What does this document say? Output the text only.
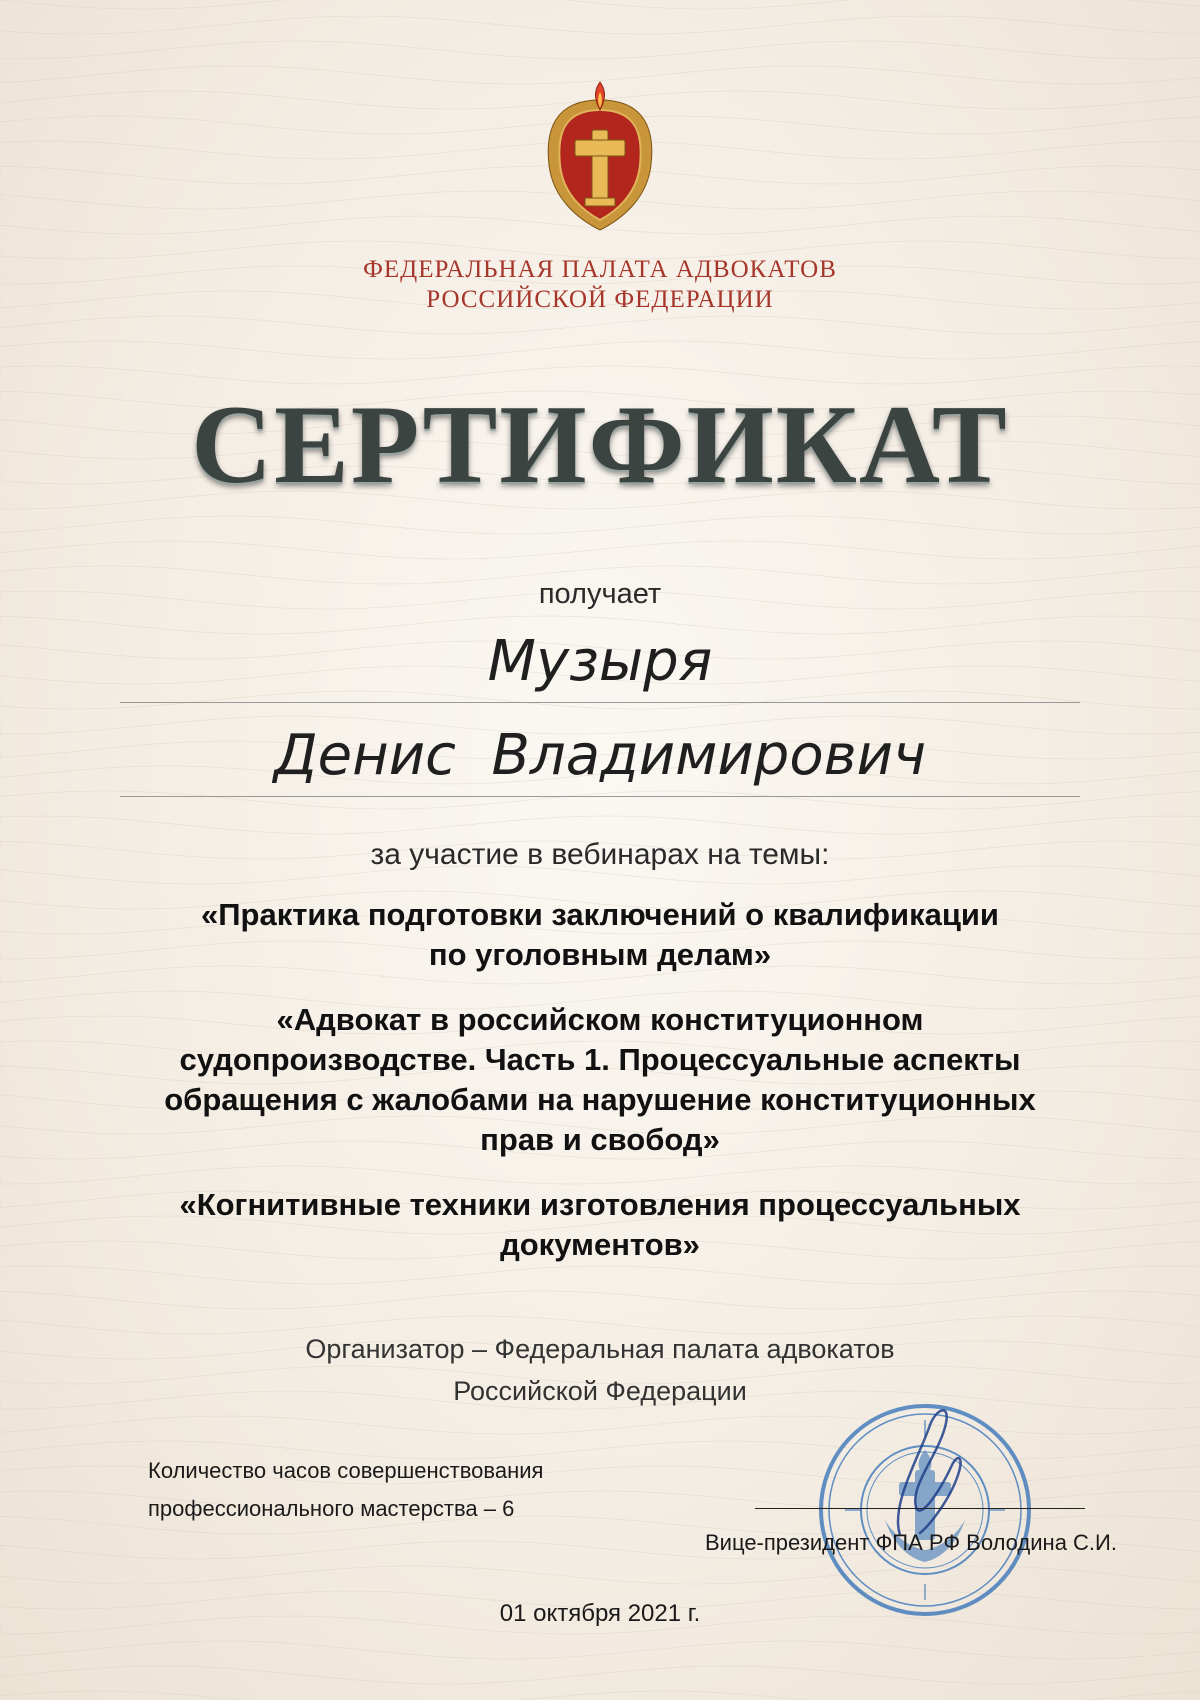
ФЕДЕРАЛЬНАЯ ПАЛАТА АДВОКАТОВ
РОССИЙСКОЙ ФЕДЕРАЦИИ
СЕРТИФИКАТ
получает
Музыря
Денис  Владимирович
за участие в вебинарах на темы:
«Практика подготовки заключений о квалификации
по уголовным делам»
«Адвокат в российском конституционном
судопроизводстве. Часть 1. Процессуальные аспекты
обращения с жалобами на нарушение конституционных
прав и свобод»
«Когнитивные техники изготовления процессуальных
документов»
Организатор – Федеральная палата адвокатов
Российской Федерации
Количество часов совершенствования
профессионального мастерства – 6
Вице-президент ФПА РФ Володина С.И.
01 октября 2021 г.
